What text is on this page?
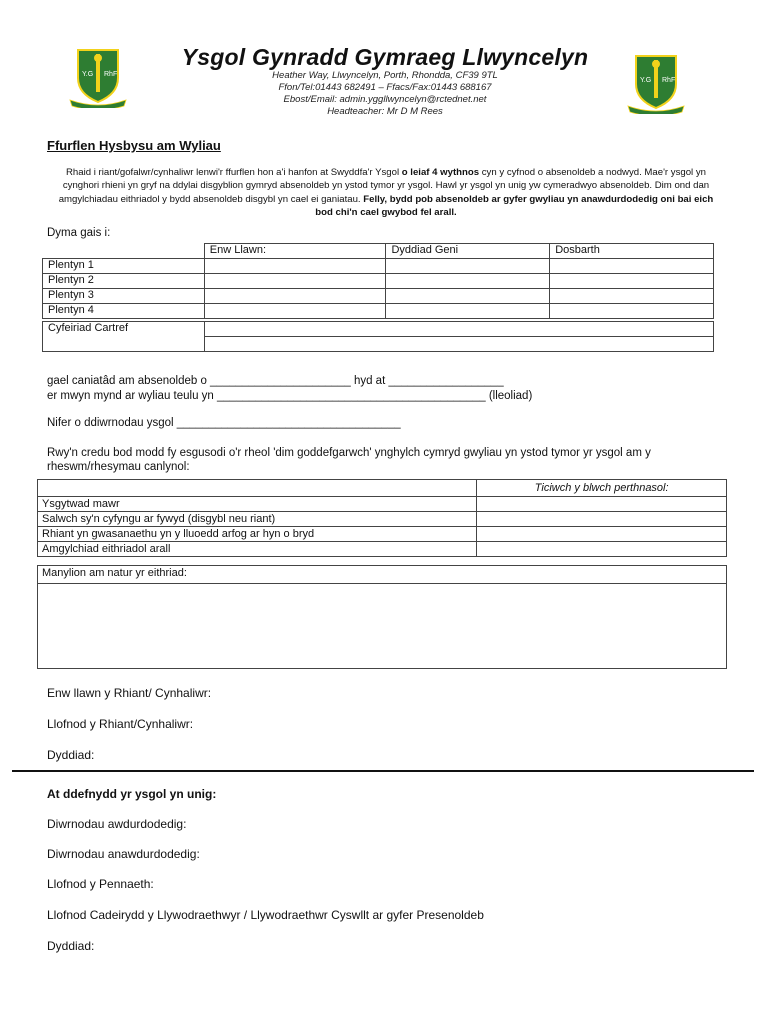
Y.G RhF
Y.G RhF
Ysgol Gynradd Gymraeg Llwyncelyn
Heather Way, Llwyncelyn, Porth, Rhondda, CF39 9TL
Ffon/Tel:01443 682491 – Ffacs/Fax:01443 688167
Ebost/Email: admin.yggllwyncelyn@rctednet.net
Headteacher: Mr D M Rees
Ffurflen Hysbysu am Wyliau
Rhaid i riant/gofalwr/cynhaliwr lenwi'r ffurflen hon a'i hanfon at Swyddfa'r Ysgol o leiaf 4 wythnos cyn y cyfnod o absenoldeb a nodwyd. Mae'r ysgol yn cynghori rhieni yn gryf na ddylai disgyblion gymryd absenoldeb yn ystod tymor yr ysgol. Hawl yr ysgol yn unig yw cymeradwyo absenoldeb. Dim ond dan amgylchiadau eithriadol y bydd absenoldeb disgybl yn cael ei ganiatau. Felly, bydd pob absenoldeb ar gyfer gwyliau yn anawdurdodedig oni bai eich bod chi'n cael gwybod fel arall.
Dyma gais i:
	Enw Llawn:	Dyddiad Geni	Dosbarth
Plentyn 1			
Plentyn 2			
Plentyn 3			
Plentyn 4			

Cyfeiriad Cartref			

gael caniatâd am absenoldeb o ______________________ hyd at __________________
er mwyn mynd ar wyliau teulu yn __________________________________________ (lleoliad)
Nifer o ddiwrnodau ysgol ___________________________________
Rwy'n credu bod modd fy esgusodi o'r rheol 'dim goddefgarwch' ynghylch cymryd gwyliau yn ystod tymor yr ysgol am y rheswm/rhesymau canlynol:
	Ticiwch y blwch perthnasol:
Ysgytwad mawr	
Salwch sy'n cyfyngu ar fywyd (disgybl neu riant)	
Rhiant yn gwasanaethu yn y lluoedd arfog ar hyn o bryd	
Amgylchiad eithriadol arall	
Manylion am natur yr eithriad:
Enw llawn y Rhiant/ Cynhaliwr:
Llofnod y Rhiant/Cynhaliwr:
Dyddiad:
At ddefnydd yr ysgol yn unig:
Diwrnodau awdurdodedig:
Diwrnodau anawdurdodedig:
Llofnod y Pennaeth:
Llofnod Cadeirydd y Llywodraethwyr / Llywodraethwr Cyswllt ar gyfer Presenoldeb
Dyddiad:
